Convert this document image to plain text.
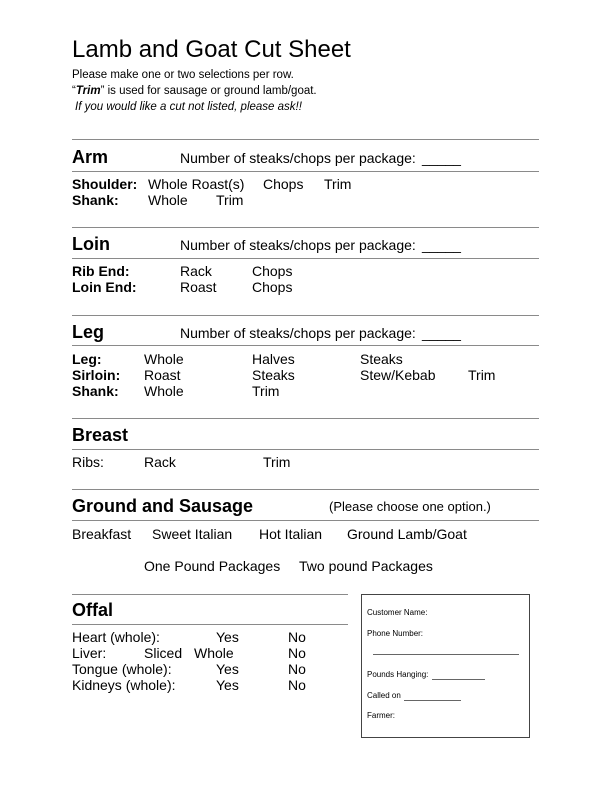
Lamb and Goat Cut Sheet
Please make one or two selections per row.
“Trim” is used for sausage or ground lamb/goat.
If you would like a cut not listed, please ask!!
Arm	Number of steaks/chops per package: _____
Shoulder: Whole Roast(s) Chops Trim
Shank: Whole Trim
Loin	Number of steaks/chops per package: _____
Rib End:	Rack	Chops
Loin End:	Roast	Chops
Leg	Number of steaks/chops per package: _____
Leg:	Whole	Halves	Steaks
Sirloin: Roast	Steaks	Stew/Kebab Trim
Shank: Whole	Trim
Breast
Ribs:	Rack	Trim
Ground and Sausage	(Please choose one option.)
Breakfast Sweet Italian Hot Italian Ground Lamb/Goat
One Pound Packages Two pound Packages
Offal
Heart (whole):	Yes	No
Liver:	Sliced Whole	No
Tongue (whole):	Yes	No
Kidneys (whole):	Yes	No
Customer Name:
Phone Number:
Pounds Hanging:
Called on
Farmer:
